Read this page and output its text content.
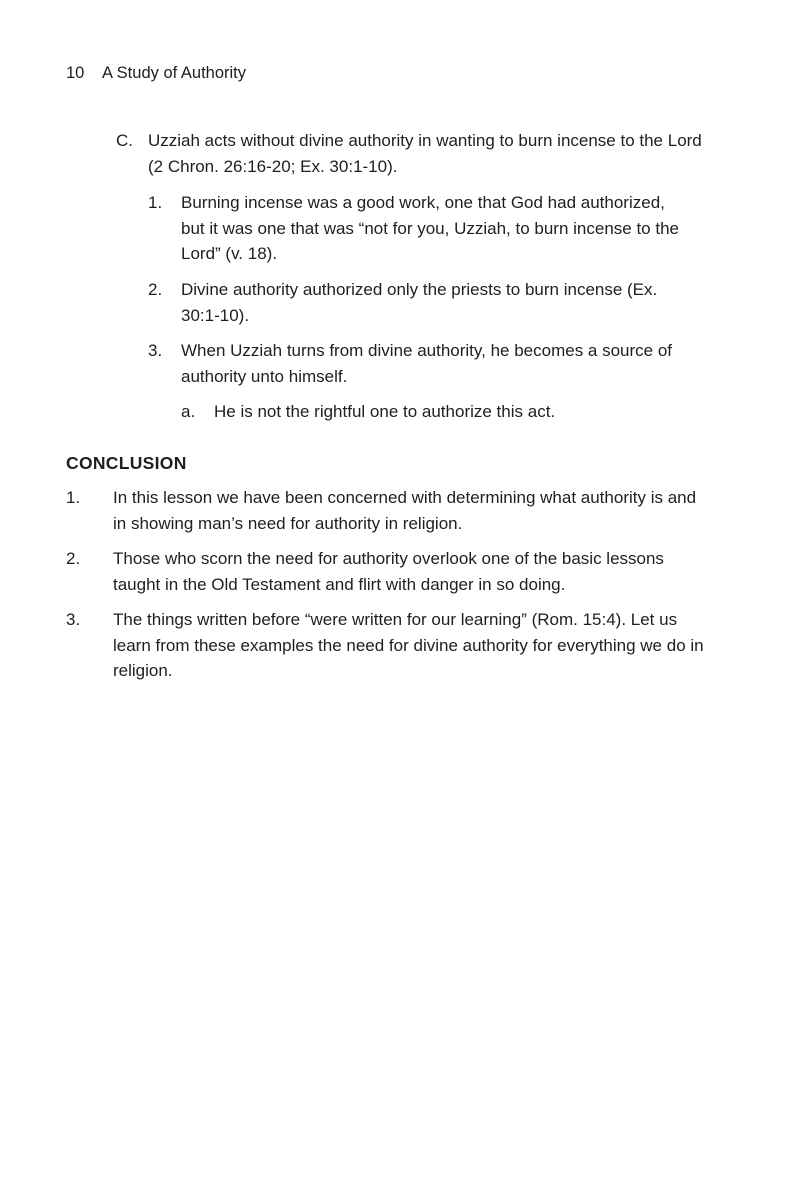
10 A Study of Authority
C. Uzziah acts without divine authority in wanting to burn incense to the Lord (2 Chron. 26:16-20; Ex. 30:1-10).
1. Burning incense was a good work, one that God had authorized, but it was one that was “not for you, Uzziah, to burn incense to the Lord” (v. 18).
2. Divine authority authorized only the priests to burn incense (Ex. 30:1-10).
3. When Uzziah turns from divine authority, he becomes a source of authority unto himself.
a. He is not the rightful one to authorize this act.
CONCLUSION
1. In this lesson we have been concerned with determining what authority is and in showing man’s need for authority in religion.
2. Those who scorn the need for authority overlook one of the basic lessons taught in the Old Testament and flirt with danger in so doing.
3. The things written before “were written for our learning” (Rom. 15:4). Let us learn from these examples the need for divine authority for everything we do in religion.
